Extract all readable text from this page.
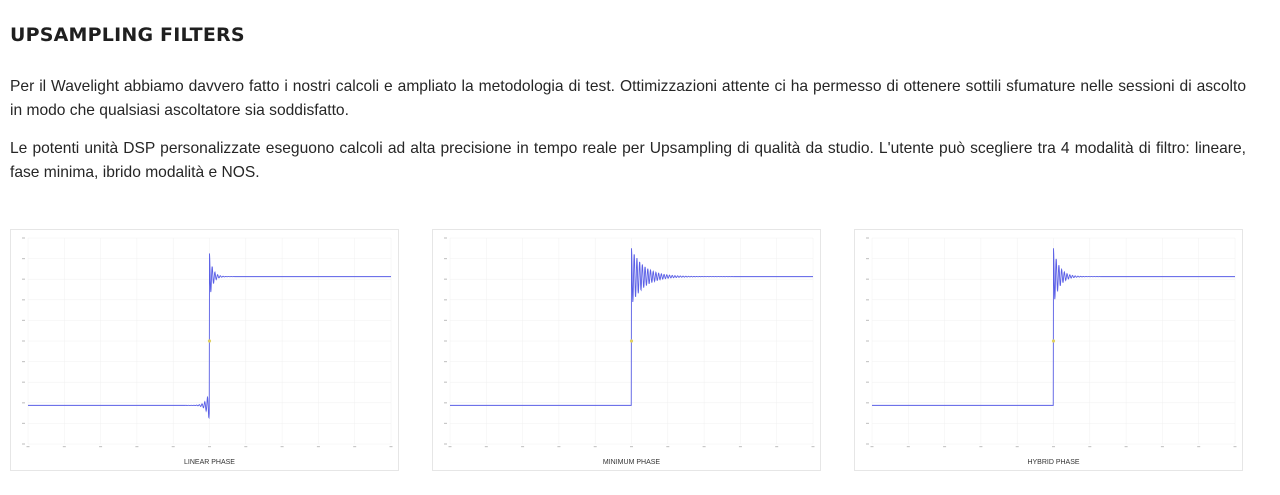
UPSAMPLING FILTERS

Per il Wavelight abbiamo davvero fatto i nostri calcoli e ampliato la metodologia di test. Ottimizzazioni attente ci ha permesso di ottenere sottili sfumature nelle sessioni di ascolto in modo che qualsiasi ascoltatore sia soddisfatto.

Le potenti unità DSP personalizzate eseguono calcoli ad alta precisione in tempo reale per Upsampling di qualità da studio. L'utente può scegliere tra 4 modalità di filtro: lineare, fase minima, ibrido modalità e NOS.

LINEAR PHASE	MINIMUM PHASE	HYBRID PHASE
